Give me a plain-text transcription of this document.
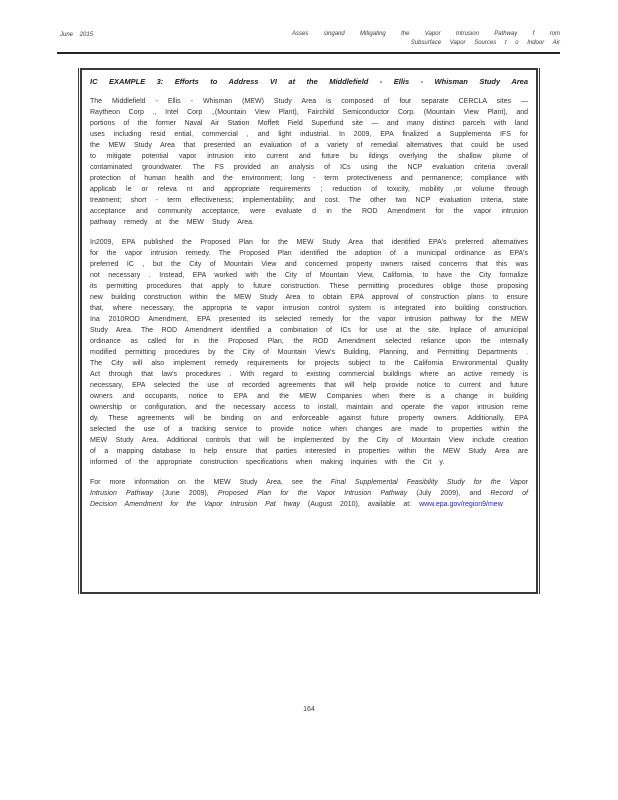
June 2015	Asses singand Mitigating the Vapor Intrusion Pathway f rom
Subsurface Vapor Sources t o Indoor Air
IC EXAMPLE 3: Efforts to Address VI at the Middlefield - Ellis - Whisman Study Area

The Middlefield - Ellis - Whisman (MEW) Study Area is composed of four separate CERCLA sites — Raytheon Corp ., Intel Corp .,(Mountain View Plant), Fairchild Semiconductor Corp. (Mountain View Plant), and portions of the former Naval Air Station Moffett Field Superfund site — and many distinct parcels with land uses including resid ential, commercial , and light industrial. In 2009, EPA finalized a Supplementa IFS for the MEW Study Area that presented an evaluation of a variety of remedial alternatives that could be used to mitigate potential vapor intrusion into current and future bu ildings overlying the shallow plume of contaminated groundwater. The FS provided an analysis of ICs using the NCP evaluation criteria :overall protection of human health and the environment; long - term protectiveness and permanence; compliance with applicab le or releva nt and appropriate requirements ; reduction of toxicity, mobility ,or volume through treatment; short - term effectiveness; implementability; and cost. The other two NCP evaluation criteria, state acceptance and community acceptance, were evaluate d in the ROD Amendment for the vapor intrusion pathway remedy at the MEW Study Area.

In2009, EPA published the Proposed Plan for the MEW Study Area that identified EPA's preferred alternatives for the vapor intrusion remedy. The Proposed Plan identified the adoption of a municipal ordinance as EPA's preferred IC , but the City of Mountain View and concerned property owners raised concerns that this was not necessary . Instead, EPA worked with the City of Mountain View, California, to have the City formalize its permitting procedures that apply to future construction. These permitting procedures oblige those proposing new building construction within the MEW Study Area to obtain EPA approval of construction plans to ensure that, where necessary, the appropria te vapor intrusion control system is integrated into building construction. Ina 2010ROD Amendment, EPA presented its selected remedy for the vapor intrusion pathway for the MEW Study Area. The ROD Amendment identified a combination of ICs for use at the site. Inplace of amunicipal ordinance as called for in the Proposed Plan, the ROD Amendment selected reliance upon the internally modified permitting procedures by the City of Mountain View's Building, Planning, and Permitting Departments . The City will also implement remedy requirements for projects subject to the California Environmental Quality Act through that law's procedures . With regard to existing commercial buildings where an active remedy is necessary, EPA selected the use of recorded agreements that will help provide notice to current and future owners and occupants, notice to EPA and the MEW Companies when there is a change in building ownership or configuration, and the necessary access to install, maintain and operate the vapor intrusion reme dy. These agreements will be binding on and enforceable against future property owners. Additionally, EPA selected the use of a tracking service to provide notice when changes are made to properties within the MEW Study Area. Additional controls that will be implemented by the City of Mountain View include creation of a mapping database to help ensure that parties interested in properties within the MEW Study Area are informed of the appropriate construction specifications when making inquiries with the Cit y.

For more information on the MEW Study Area, see the Final Supplemental Feasibility Study for the Vapor Intrusion Pathway (June 2009), Proposed Plan for the Vapor Intrusion Pathway (July 2009), and Record of Decision Amendment for the Vapor Intrusion Pat hway (August 2010), available at: www.epa.gov/region9/mew

164
